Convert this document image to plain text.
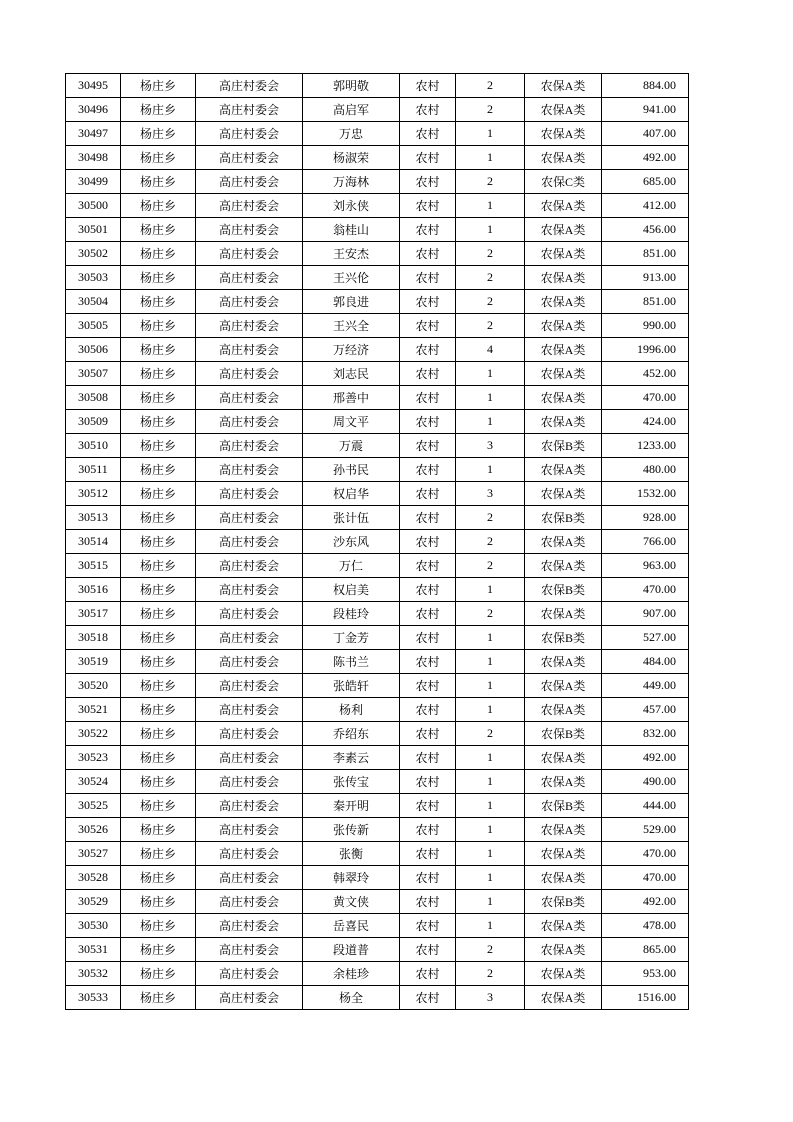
30495	杨庄乡	高庄村委会	郭明敬	农村	2	农保A类	884.00
30496	杨庄乡	高庄村委会	高启军	农村	2	农保A类	941.00
30497	杨庄乡	高庄村委会	万忠	农村	1	农保A类	407.00
30498	杨庄乡	高庄村委会	杨淑荣	农村	1	农保A类	492.00
30499	杨庄乡	高庄村委会	万海林	农村	2	农保C类	685.00
30500	杨庄乡	高庄村委会	刘永侠	农村	1	农保A类	412.00
30501	杨庄乡	高庄村委会	翁桂山	农村	1	农保A类	456.00
30502	杨庄乡	高庄村委会	王安杰	农村	2	农保A类	851.00
30503	杨庄乡	高庄村委会	王兴伦	农村	2	农保A类	913.00
30504	杨庄乡	高庄村委会	郭良进	农村	2	农保A类	851.00
30505	杨庄乡	高庄村委会	王兴全	农村	2	农保A类	990.00
30506	杨庄乡	高庄村委会	万经济	农村	4	农保A类	1996.00
30507	杨庄乡	高庄村委会	刘志民	农村	1	农保A类	452.00
30508	杨庄乡	高庄村委会	邢善中	农村	1	农保A类	470.00
30509	杨庄乡	高庄村委会	周文平	农村	1	农保A类	424.00
30510	杨庄乡	高庄村委会	万震	农村	3	农保B类	1233.00
30511	杨庄乡	高庄村委会	孙书民	农村	1	农保A类	480.00
30512	杨庄乡	高庄村委会	权启华	农村	3	农保A类	1532.00
30513	杨庄乡	高庄村委会	张计伍	农村	2	农保B类	928.00
30514	杨庄乡	高庄村委会	沙东风	农村	2	农保A类	766.00
30515	杨庄乡	高庄村委会	万仁	农村	2	农保A类	963.00
30516	杨庄乡	高庄村委会	权启美	农村	1	农保B类	470.00
30517	杨庄乡	高庄村委会	段桂玲	农村	2	农保A类	907.00
30518	杨庄乡	高庄村委会	丁金芳	农村	1	农保B类	527.00
30519	杨庄乡	高庄村委会	陈书兰	农村	1	农保A类	484.00
30520	杨庄乡	高庄村委会	张皓轩	农村	1	农保A类	449.00
30521	杨庄乡	高庄村委会	杨利	农村	1	农保A类	457.00
30522	杨庄乡	高庄村委会	乔绍东	农村	2	农保B类	832.00
30523	杨庄乡	高庄村委会	李素云	农村	1	农保A类	492.00
30524	杨庄乡	高庄村委会	张传宝	农村	1	农保A类	490.00
30525	杨庄乡	高庄村委会	秦开明	农村	1	农保B类	444.00
30526	杨庄乡	高庄村委会	张传新	农村	1	农保A类	529.00
30527	杨庄乡	高庄村委会	张衡	农村	1	农保A类	470.00
30528	杨庄乡	高庄村委会	韩翠玲	农村	1	农保A类	470.00
30529	杨庄乡	高庄村委会	黄文侠	农村	1	农保B类	492.00
30530	杨庄乡	高庄村委会	岳喜民	农村	1	农保A类	478.00
30531	杨庄乡	高庄村委会	段道普	农村	2	农保A类	865.00
30532	杨庄乡	高庄村委会	余桂珍	农村	2	农保A类	953.00
30533	杨庄乡	高庄村委会	杨全	农村	3	农保A类	1516.00
